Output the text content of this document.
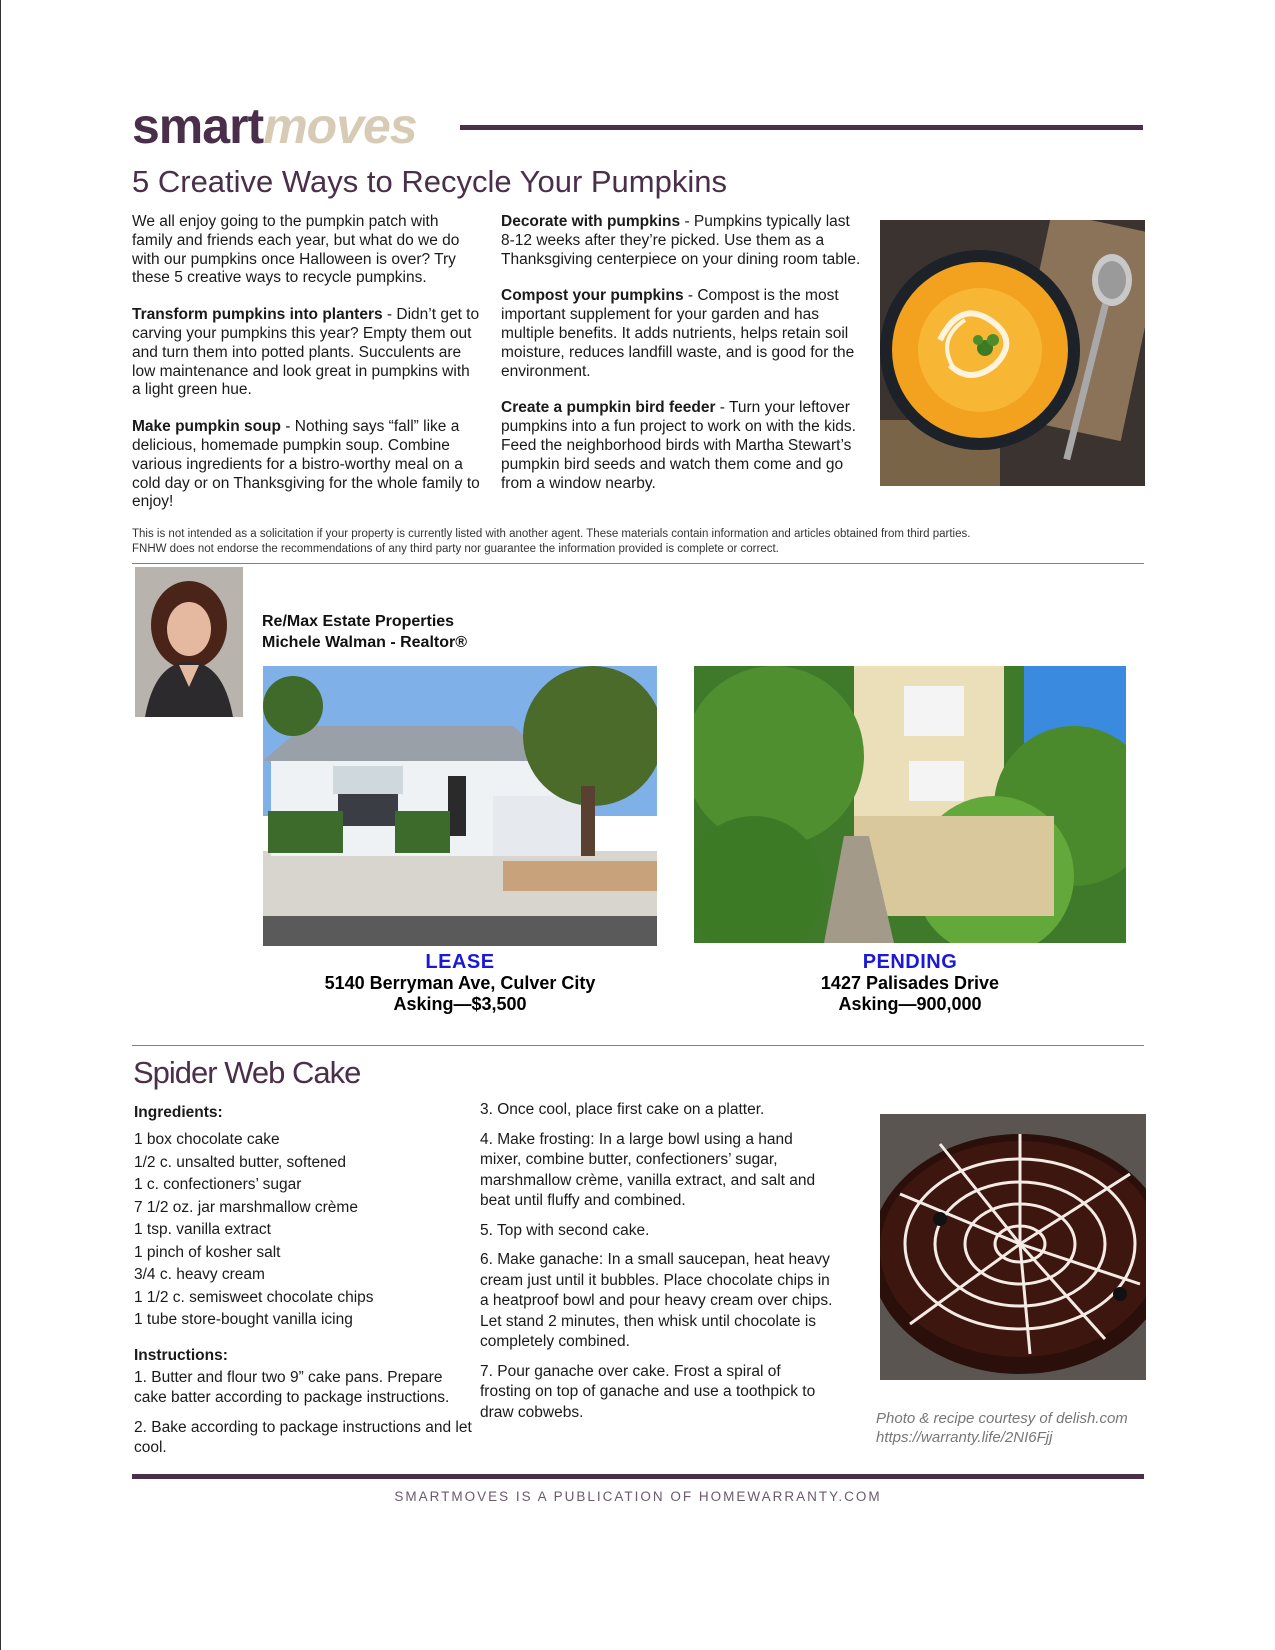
smartmoves
5 Creative Ways to Recycle Your Pumpkins

We all enjoy going to the pumpkin patch with family and friends each year, but what do we do with our pumpkins once Halloween is over? Try these 5 creative ways to recycle pumpkins.

Transform pumpkins into planters - Didn’t get to carving your pumpkins this year? Empty them out and turn them into potted plants. Succulents are low maintenance and look great in pumpkins with a light green hue.

Make pumpkin soup - Nothing says “fall” like a delicious, homemade pumpkin soup. Combine various ingredients for a bistro-worthy meal on a cold day or on Thanksgiving for the whole family to enjoy!

Decorate with pumpkins - Pumpkins typically last 8-12 weeks after they’re picked. Use them as a Thanksgiving centerpiece on your dining room table.

Compost your pumpkins - Compost is the most important supplement for your garden and has multiple benefits. It adds nutrients, helps retain soil moisture, reduces landfill waste, and is good for the environment.

Create a pumpkin bird feeder - Turn your leftover pumpkins into a fun project to work on with the kids. Feed the neighborhood birds with Martha Stewart’s pumpkin bird seeds and watch them come and go from a window nearby.

This is not intended as a solicitation if your property is currently listed with another agent. These materials contain information and articles obtained from third parties.
FNHW does not endorse the recommendations of any third party nor guarantee the information provided is complete or correct.
Re/Max Estate Properties
Michele Walman - Realtor®
LEASE
5140 Berryman Ave, Culver City
Asking—$3,500
PENDING
1427 Palisades Drive
Asking—900,000
Spider Web Cake
Ingredients:
1 box chocolate cake
1/2 c. unsalted butter, softened
1 c. confectioners’ sugar
7 1/2 oz. jar marshmallow crème
1 tsp. vanilla extract
1 pinch of kosher salt
3/4 c. heavy cream
1 1/2 c. semisweet chocolate chips
1 tube store-bought vanilla icing
Instructions:
1. Butter and flour two 9” cake pans. Prepare cake batter according to package instructions.
2. Bake according to package instructions and let cool.
3. Once cool, place first cake on a platter.
4. Make frosting: In a large bowl using a hand mixer, combine butter, confectioners’ sugar, marshmallow crème, vanilla extract, and salt and beat until fluffy and combined.
5. Top with second cake.
6. Make ganache: In a small saucepan, heat heavy cream just until it bubbles. Place chocolate chips in a heatproof bowl and pour heavy cream over chips. Let stand 2 minutes, then whisk until chocolate is completely combined.
7. Pour ganache over cake. Frost a spiral of frosting on top of ganache and use a toothpick to draw cobwebs.	Photo & recipe courtesy of delish.com
https://warranty.life/2NI6Fjj
SMARTMOVES IS A PUBLICATION OF HOMEWARRANTY.COM
